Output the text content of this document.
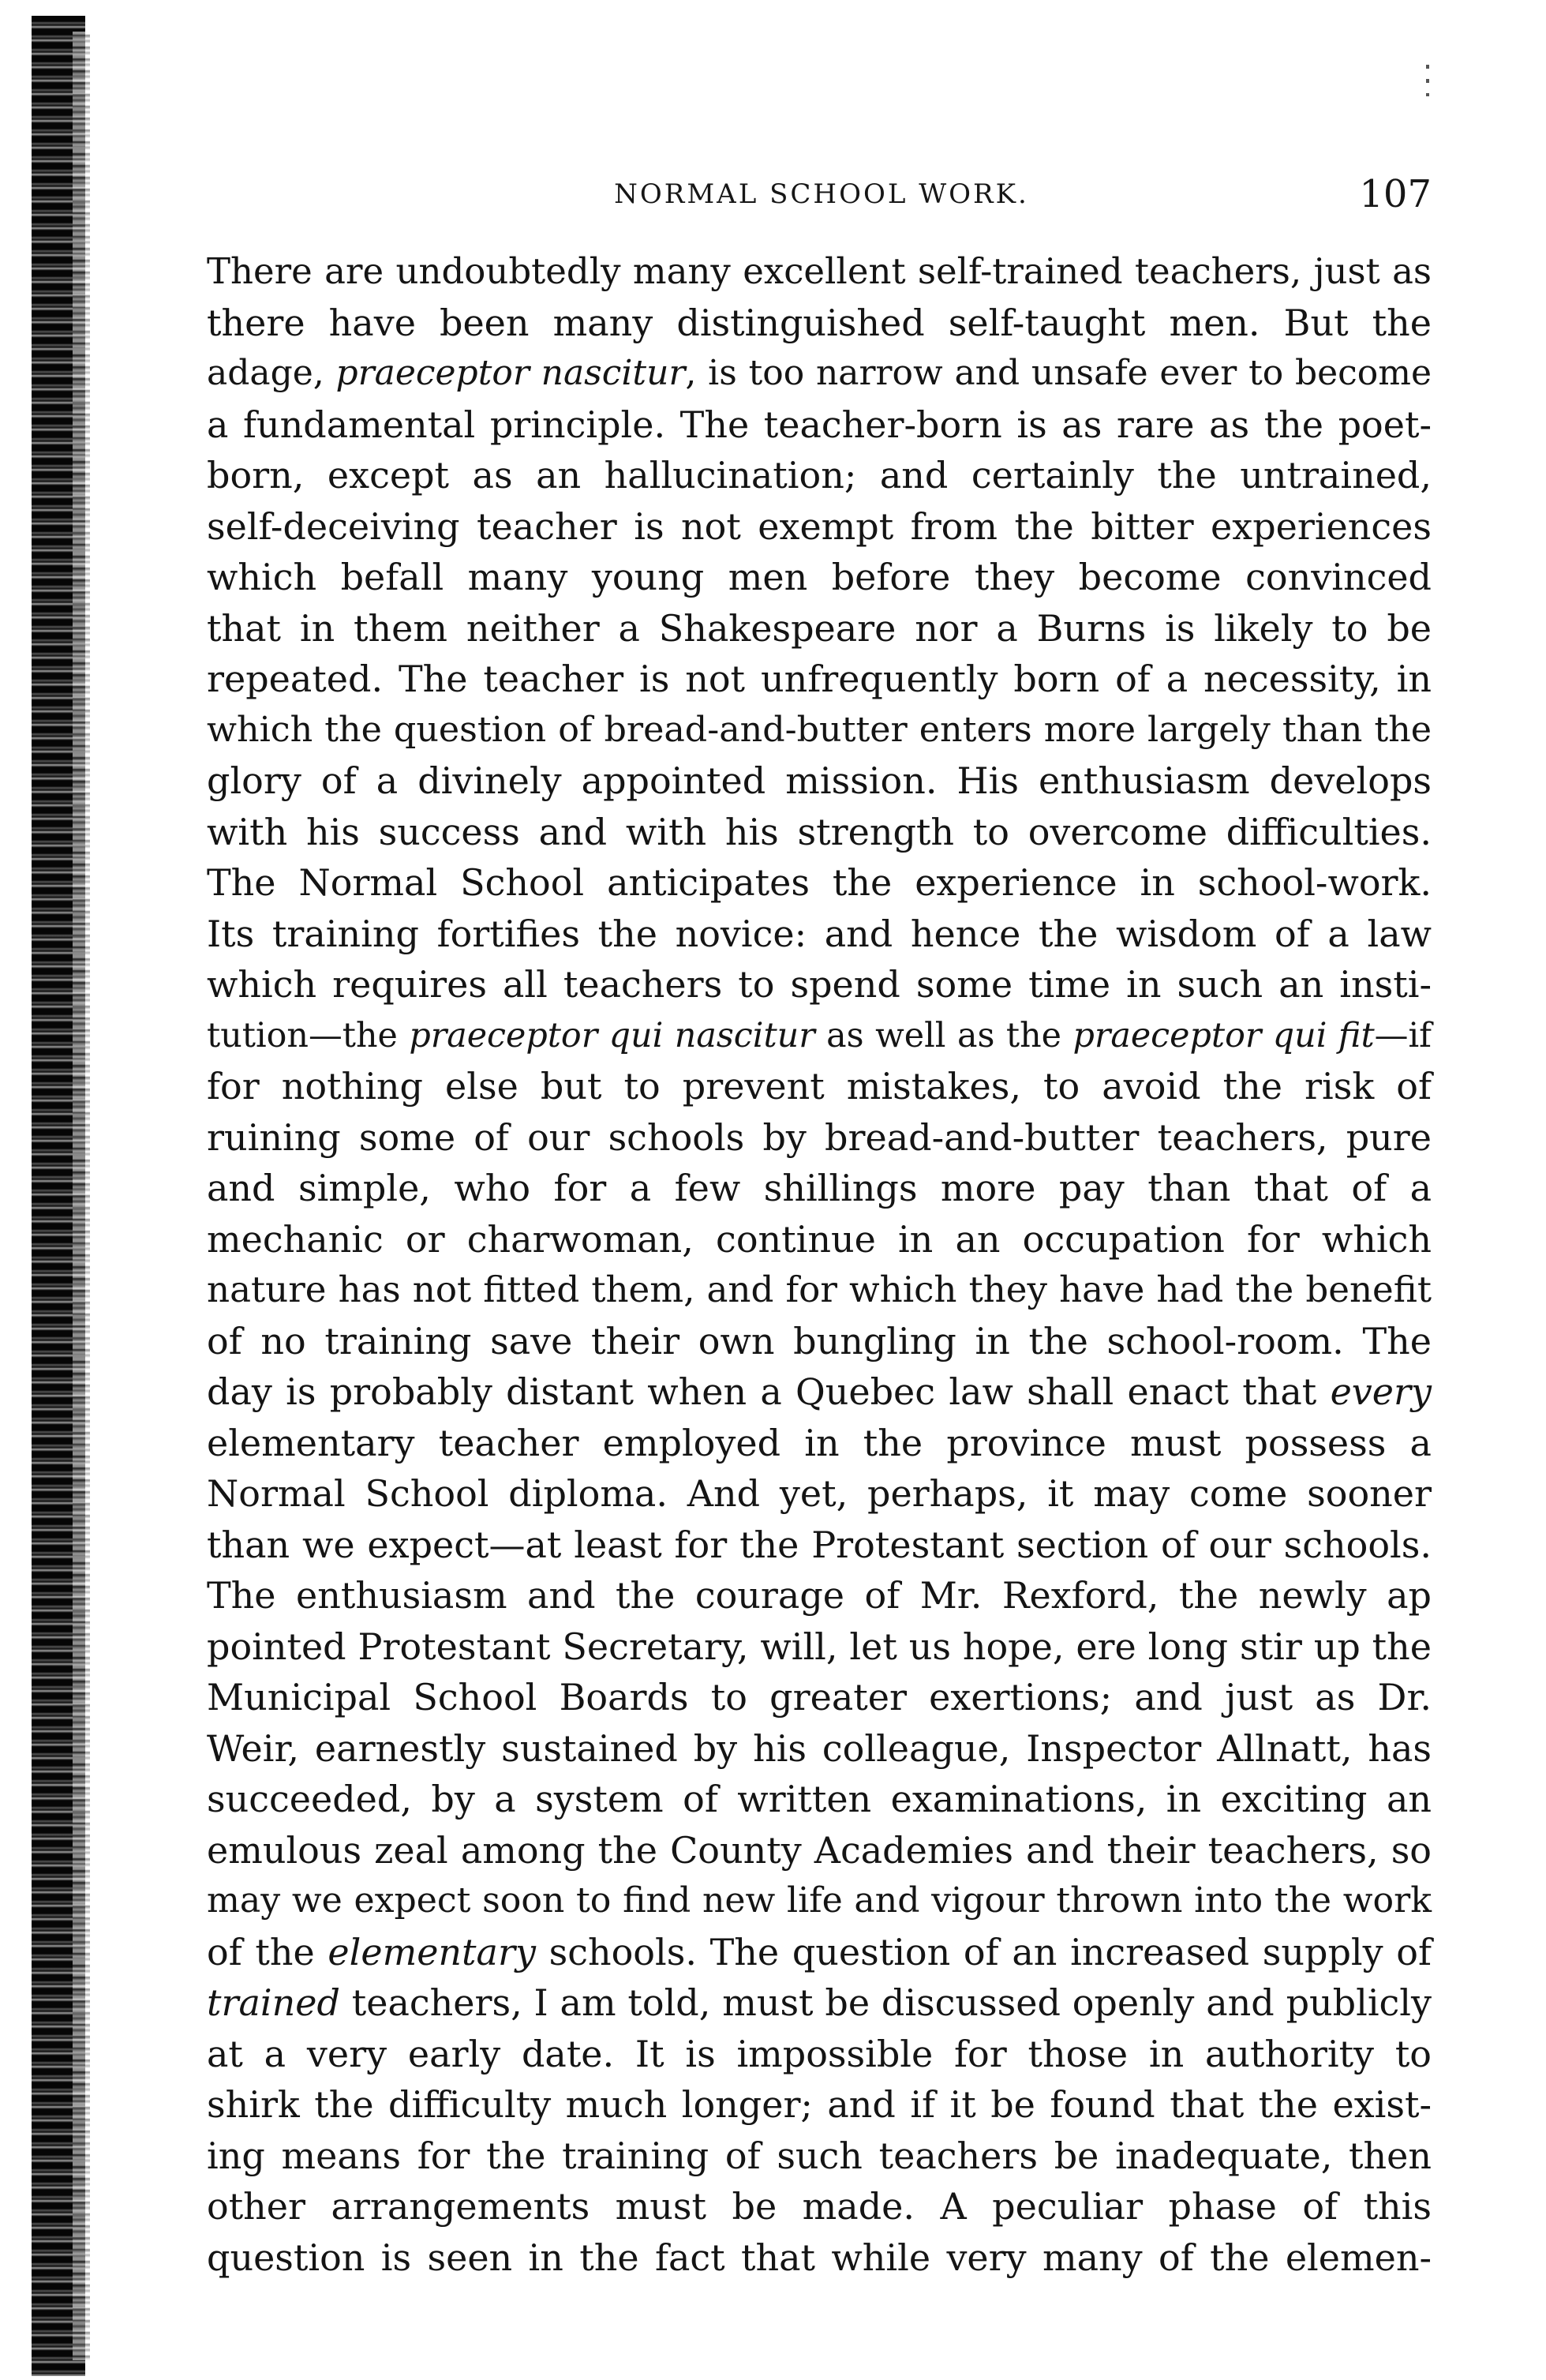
NORMAL SCHOOL WORK.	107
There are undoubtedly many excellent self-trained teachers, just as
there have been many distinguished self-taught men. But the
adage, praeceptor nascitur, is too narrow and unsafe ever to become
a fundamental principle. The teacher-born is as rare as the poet-
born, except as an hallucination; and certainly the untrained,
self-deceiving teacher is not exempt from the bitter experiences
which befall many young men before they become convinced
that in them neither a Shakespeare nor a Burns is likely to be
repeated. The teacher is not unfrequently born of a necessity, in
which the question of bread-and-butter enters more largely than the
glory of a divinely appointed mission. His enthusiasm develops
with his success and with his strength to overcome difficulties.
The Normal School anticipates the experience in school-work.
Its training fortifies the novice: and hence the wisdom of a law
which requires all teachers to spend some time in such an insti-
tution—the praeceptor qui nascitur as well as the praeceptor qui fit—if
for nothing else but to prevent mistakes, to avoid the risk of
ruining some of our schools by bread-and-butter teachers, pure
and simple, who for a few shillings more pay than that of a
mechanic or charwoman, continue in an occupation for which
nature has not fitted them, and for which they have had the benefit
of no training save their own bungling in the school-room. The
day is probably distant when a Quebec law shall enact that every
elementary teacher employed in the province must possess a
Normal School diploma. And yet, perhaps, it may come sooner
than we expect—at least for the Protestant section of our schools.
The enthusiasm and the courage of Mr. Rexford, the newly ap
pointed Protestant Secretary, will, let us hope, ere long stir up the
Municipal School Boards to greater exertions; and just as Dr.
Weir, earnestly sustained by his colleague, Inspector Allnatt, has
succeeded, by a system of written examinations, in exciting an
emulous zeal among the County Academies and their teachers, so
may we expect soon to find new life and vigour thrown into the work
of the elementary schools. The question of an increased supply of
trained teachers, I am told, must be discussed openly and publicly
at a very early date. It is impossible for those in authority to
shirk the difficulty much longer; and if it be found that the exist-
ing means for the training of such teachers be inadequate, then
other arrangements must be made. A peculiar phase of this
question is seen in the fact that while very many of the elemen-
